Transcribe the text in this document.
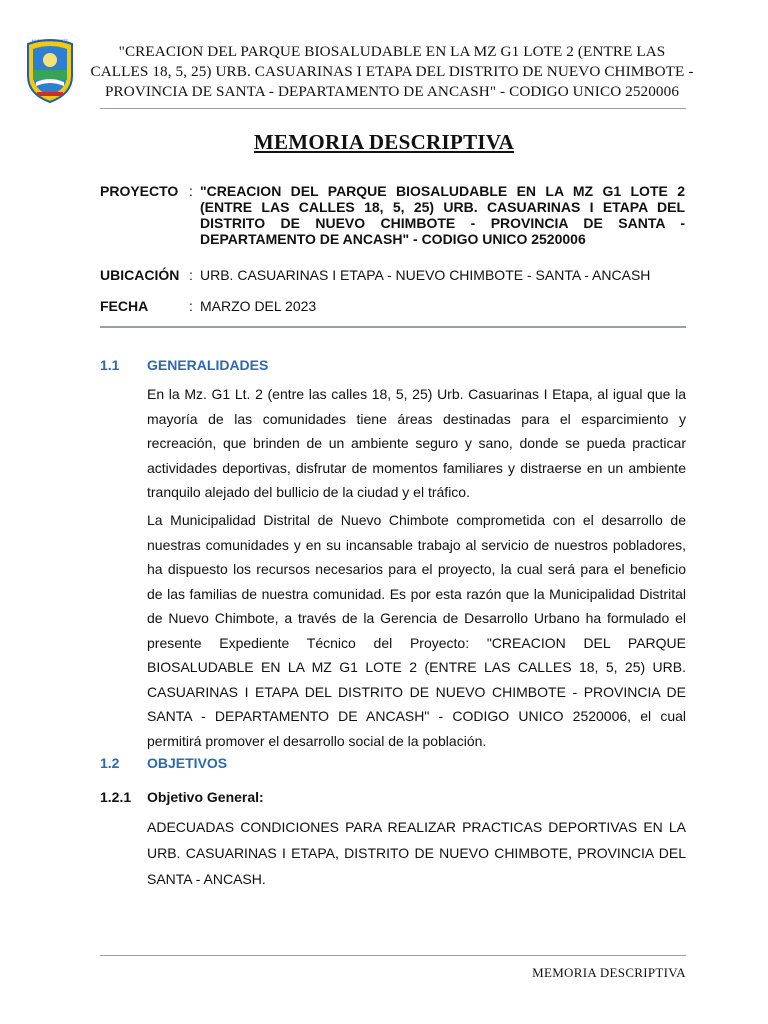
NUEVO CHIMBOTE
"CREACION DEL PARQUE BIOSALUDABLE EN LA MZ G1 LOTE 2 (ENTRE LAS CALLES 18, 5, 25) URB. CASUARINAS I ETAPA DEL DISTRITO DE NUEVO CHIMBOTE - PROVINCIA DE SANTA - DEPARTAMENTO DE ANCASH" - CODIGO UNICO 2520006
MEMORIA DESCRIPTIVA
PROYECTO : "CREACION DEL PARQUE BIOSALUDABLE EN LA MZ G1 LOTE 2 (ENTRE LAS CALLES 18, 5, 25) URB. CASUARINAS I ETAPA DEL DISTRITO DE NUEVO CHIMBOTE - PROVINCIA DE SANTA - DEPARTAMENTO DE ANCASH" - CODIGO UNICO 2520006
UBICACIÓN : URB. CASUARINAS I ETAPA - NUEVO CHIMBOTE - SANTA - ANCASH
FECHA	: MARZO DEL 2023
1.1 GENERALIDADES
En la Mz. G1 Lt. 2 (entre las calles 18, 5, 25) Urb. Casuarinas I Etapa, al igual que la mayoría de las comunidades tiene áreas destinadas para el esparcimiento y recreación, que brinden de un ambiente seguro y sano, donde se pueda practicar actividades deportivas, disfrutar de momentos familiares y distraerse en un ambiente tranquilo alejado del bullicio de la ciudad y el tráfico.
La Municipalidad Distrital de Nuevo Chimbote comprometida con el desarrollo de nuestras comunidades y en su incansable trabajo al servicio de nuestros pobladores, ha dispuesto los recursos necesarios para el proyecto, la cual será para el beneficio de las familias de nuestra comunidad. Es por esta razón que la Municipalidad Distrital de Nuevo Chimbote, a través de la Gerencia de Desarrollo Urbano ha formulado el presente Expediente Técnico del Proyecto: "CREACION DEL PARQUE BIOSALUDABLE EN LA MZ G1 LOTE 2 (ENTRE LAS CALLES 18, 5, 25) URB. CASUARINAS I ETAPA DEL DISTRITO DE NUEVO CHIMBOTE - PROVINCIA DE SANTA - DEPARTAMENTO DE ANCASH" - CODIGO UNICO 2520006, el cual permitirá promover el desarrollo social de la población.
1.2 OBJETIVOS
1.2.1 Objetivo General:
ADECUADAS CONDICIONES PARA REALIZAR PRACTICAS DEPORTIVAS EN LA URB. CASUARINAS I ETAPA, DISTRITO DE NUEVO CHIMBOTE, PROVINCIA DEL SANTA - ANCASH.
MEMORIA DESCRIPTIVA
